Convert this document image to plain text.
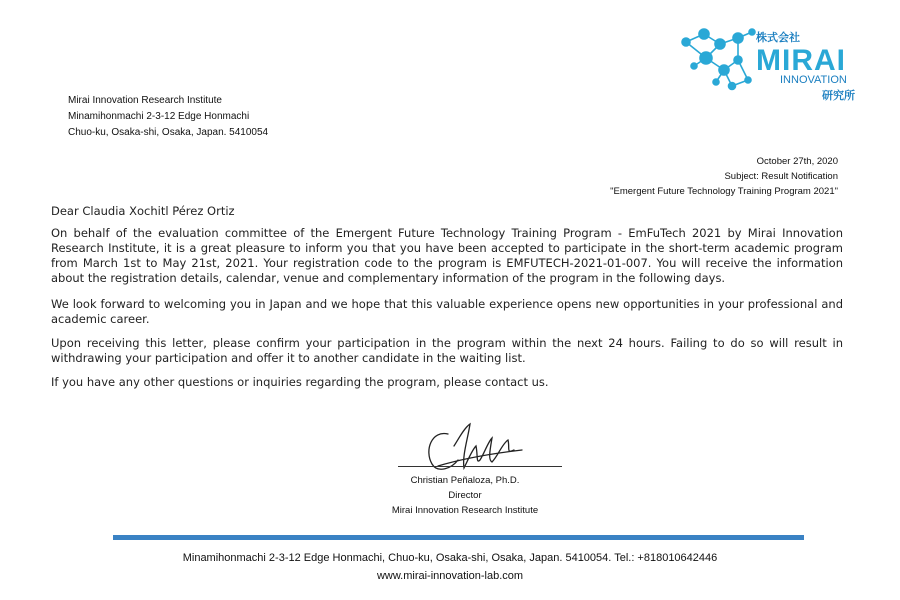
Mirai Innovation Research Institute
Minamihonmachi 2-3-12 Edge Honmachi
Chuo-ku, Osaka-shi, Osaka, Japan. 5410054
株式会社
MIRAI
INNOVATION
研究所
October 27th, 2020
Subject: Result Notification
"Emergent Future Technology Training Program 2021"

Dear Claudia Xochitl Pérez Ortiz

On behalf of the evaluation committee of the Emergent Future Technology Training Program - EmFuTech 2021 by Mirai Innovation Research Institute, it is a great pleasure to inform you that you have been accepted to participate in the short-term academic program from March 1st to May 21st, 2021. Your registration code to the program is EMFUTECH-2021-01-007. You will receive the information about the registration details, calendar, venue and complementary information of the program in the following days.

We look forward to welcoming you in Japan and we hope that this valuable experience opens new opportunities in your professional and academic career.

Upon receiving this letter, please confirm your participation in the program within the next 24 hours. Failing to do so will result in withdrawing your participation and offer it to another candidate in the waiting list.

If you have any other questions or inquiries regarding the program, please contact us.

Christian Peñaloza, Ph.D.
Director
Mirai Innovation Research Institute
Minamihonmachi 2-3-12 Edge Honmachi, Chuo-ku, Osaka-shi, Osaka, Japan. 5410054. Tel.: +818010642446
www.mirai-innovation-lab.com
